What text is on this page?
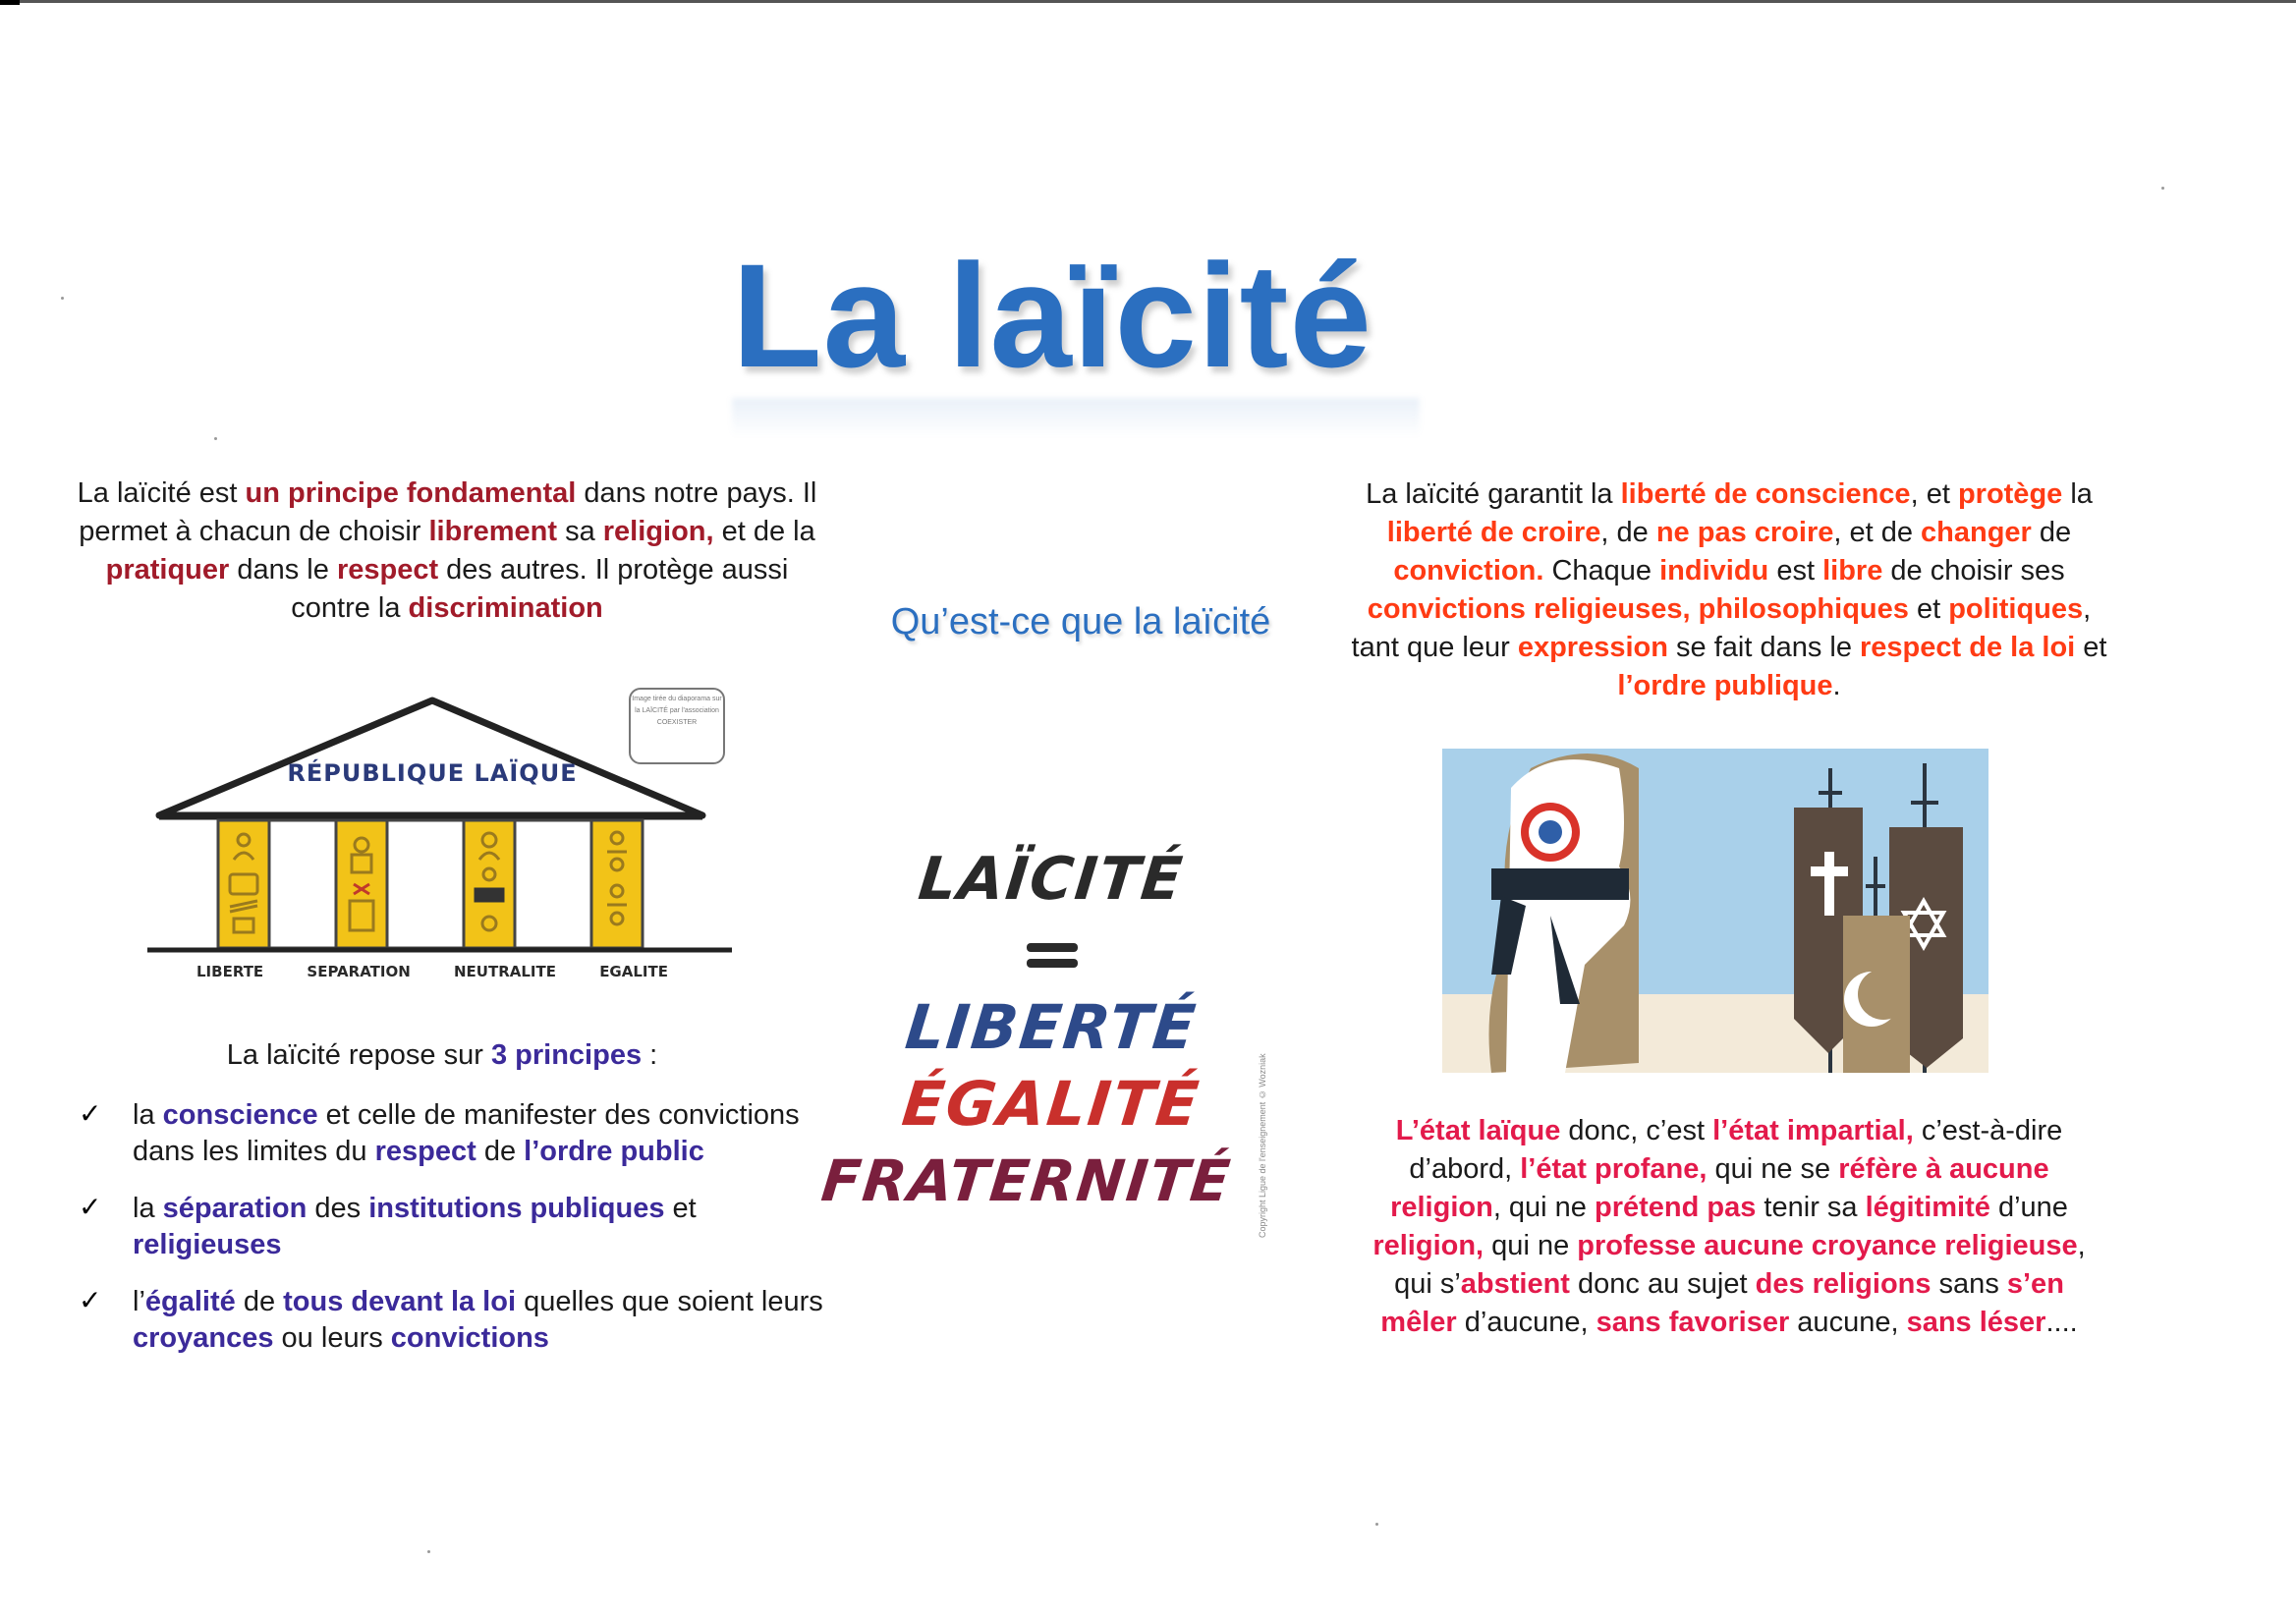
La laïcité

La laïcité est un principe fondamental dans notre pays. Il permet à chacun de choisir librement sa religion, et de la pratiquer dans le respect des autres. Il protège aussi contre la discrimination	Qu’est-ce que la laïcité

La laïcité garantit la liberté de conscience, et protège la liberté de croire, de ne pas croire, et de changer de conviction. Chaque individu est libre de choisir ses convictions religieuses, philosophiques et politiques, tant que leur expression se fait dans le respect de la loi et l’ordre publique.

RÉPUBLIQUE LAÏQUE
LIBERTE	SEPARATION	NEUTRALITE	EGALITE
Image tirée du diaporama sur la LAÏCITÉ par l'association COEXISTER
LAÏCITÉ
LIBERTÉ
ÉGALITÉ
FRATERNITÉ	Copyright Ligue de l'enseignement © Wozniak
La laïcité repose sur 3 principes :
✓ la conscience et celle de manifester des convictions dans les limites du respect de l’ordre public
✓ la séparation des institutions publiques et religieuses
✓ l’égalité de tous devant la loi quelles que soient leurs croyances ou leurs convictions

L’état laïque donc, c’est l’état impartial, c’est-à-dire d’abord, l’état profane, qui ne se réfère à aucune religion, qui ne prétend pas tenir sa légitimité d’une religion, qui ne professe aucune croyance religieuse, qui s’abstient donc au sujet des religions sans s’en mêler d’aucune, sans favoriser aucune, sans léser....
